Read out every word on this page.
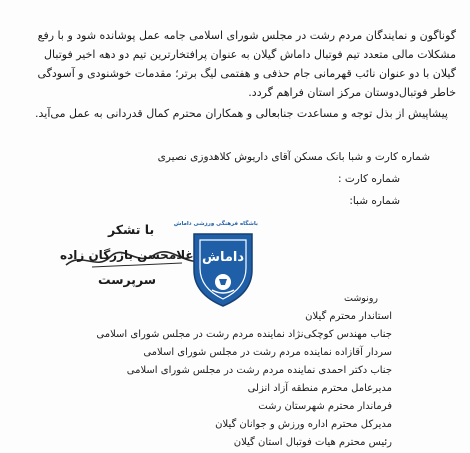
گوناگون و نمایندگان مردم رشت در مجلس شورای اسلامی جامه عمل پوشانده شود و با رفع
مشکلات مالی متعدد تیم فوتبال داماش گیلان به عنوان پرافتخارترین تیم دو دهه اخیر فوتبال
گیلان با دو عنوان نائب قهرمانی جام حذفی و هفتمی لیگ برتر؛ مقدمات خوشنودی و آسودگی
خاطر فوتبال‌دوستان مرکز استان فراهم گردد.
پیشاپیش از بذل توجه و مساعدت جنابعالی و همکاران محترم کمال قدردانی به عمل می‌آید.
شماره کارت و شبا بانک مسکن آقای داریوش کلاهدوزی نصیری
شماره کارت :
شماره شبا:
با تشکر
غلامحسن بازرگان زاده
سرپرست
باشگاه فرهنگی ورزشی داماش
داماش
رونوشت
استاندار محترم گیلان
جناب مهندس کوچکی‌نژاد نماینده مردم رشت در مجلس شورای اسلامی
سردار آقازاده نماینده مردم رشت در مجلس شورای اسلامی
جناب دکتر احمدی نماینده مردم رشت در مجلس شورای اسلامی
مدیرعامل محترم منطقه آزاد انزلی
فرماندار محترم شهرستان رشت
مدیرکل محترم اداره ورزش و جوانان گیلان
رئیس محترم هیات فوتبال استان گیلان
